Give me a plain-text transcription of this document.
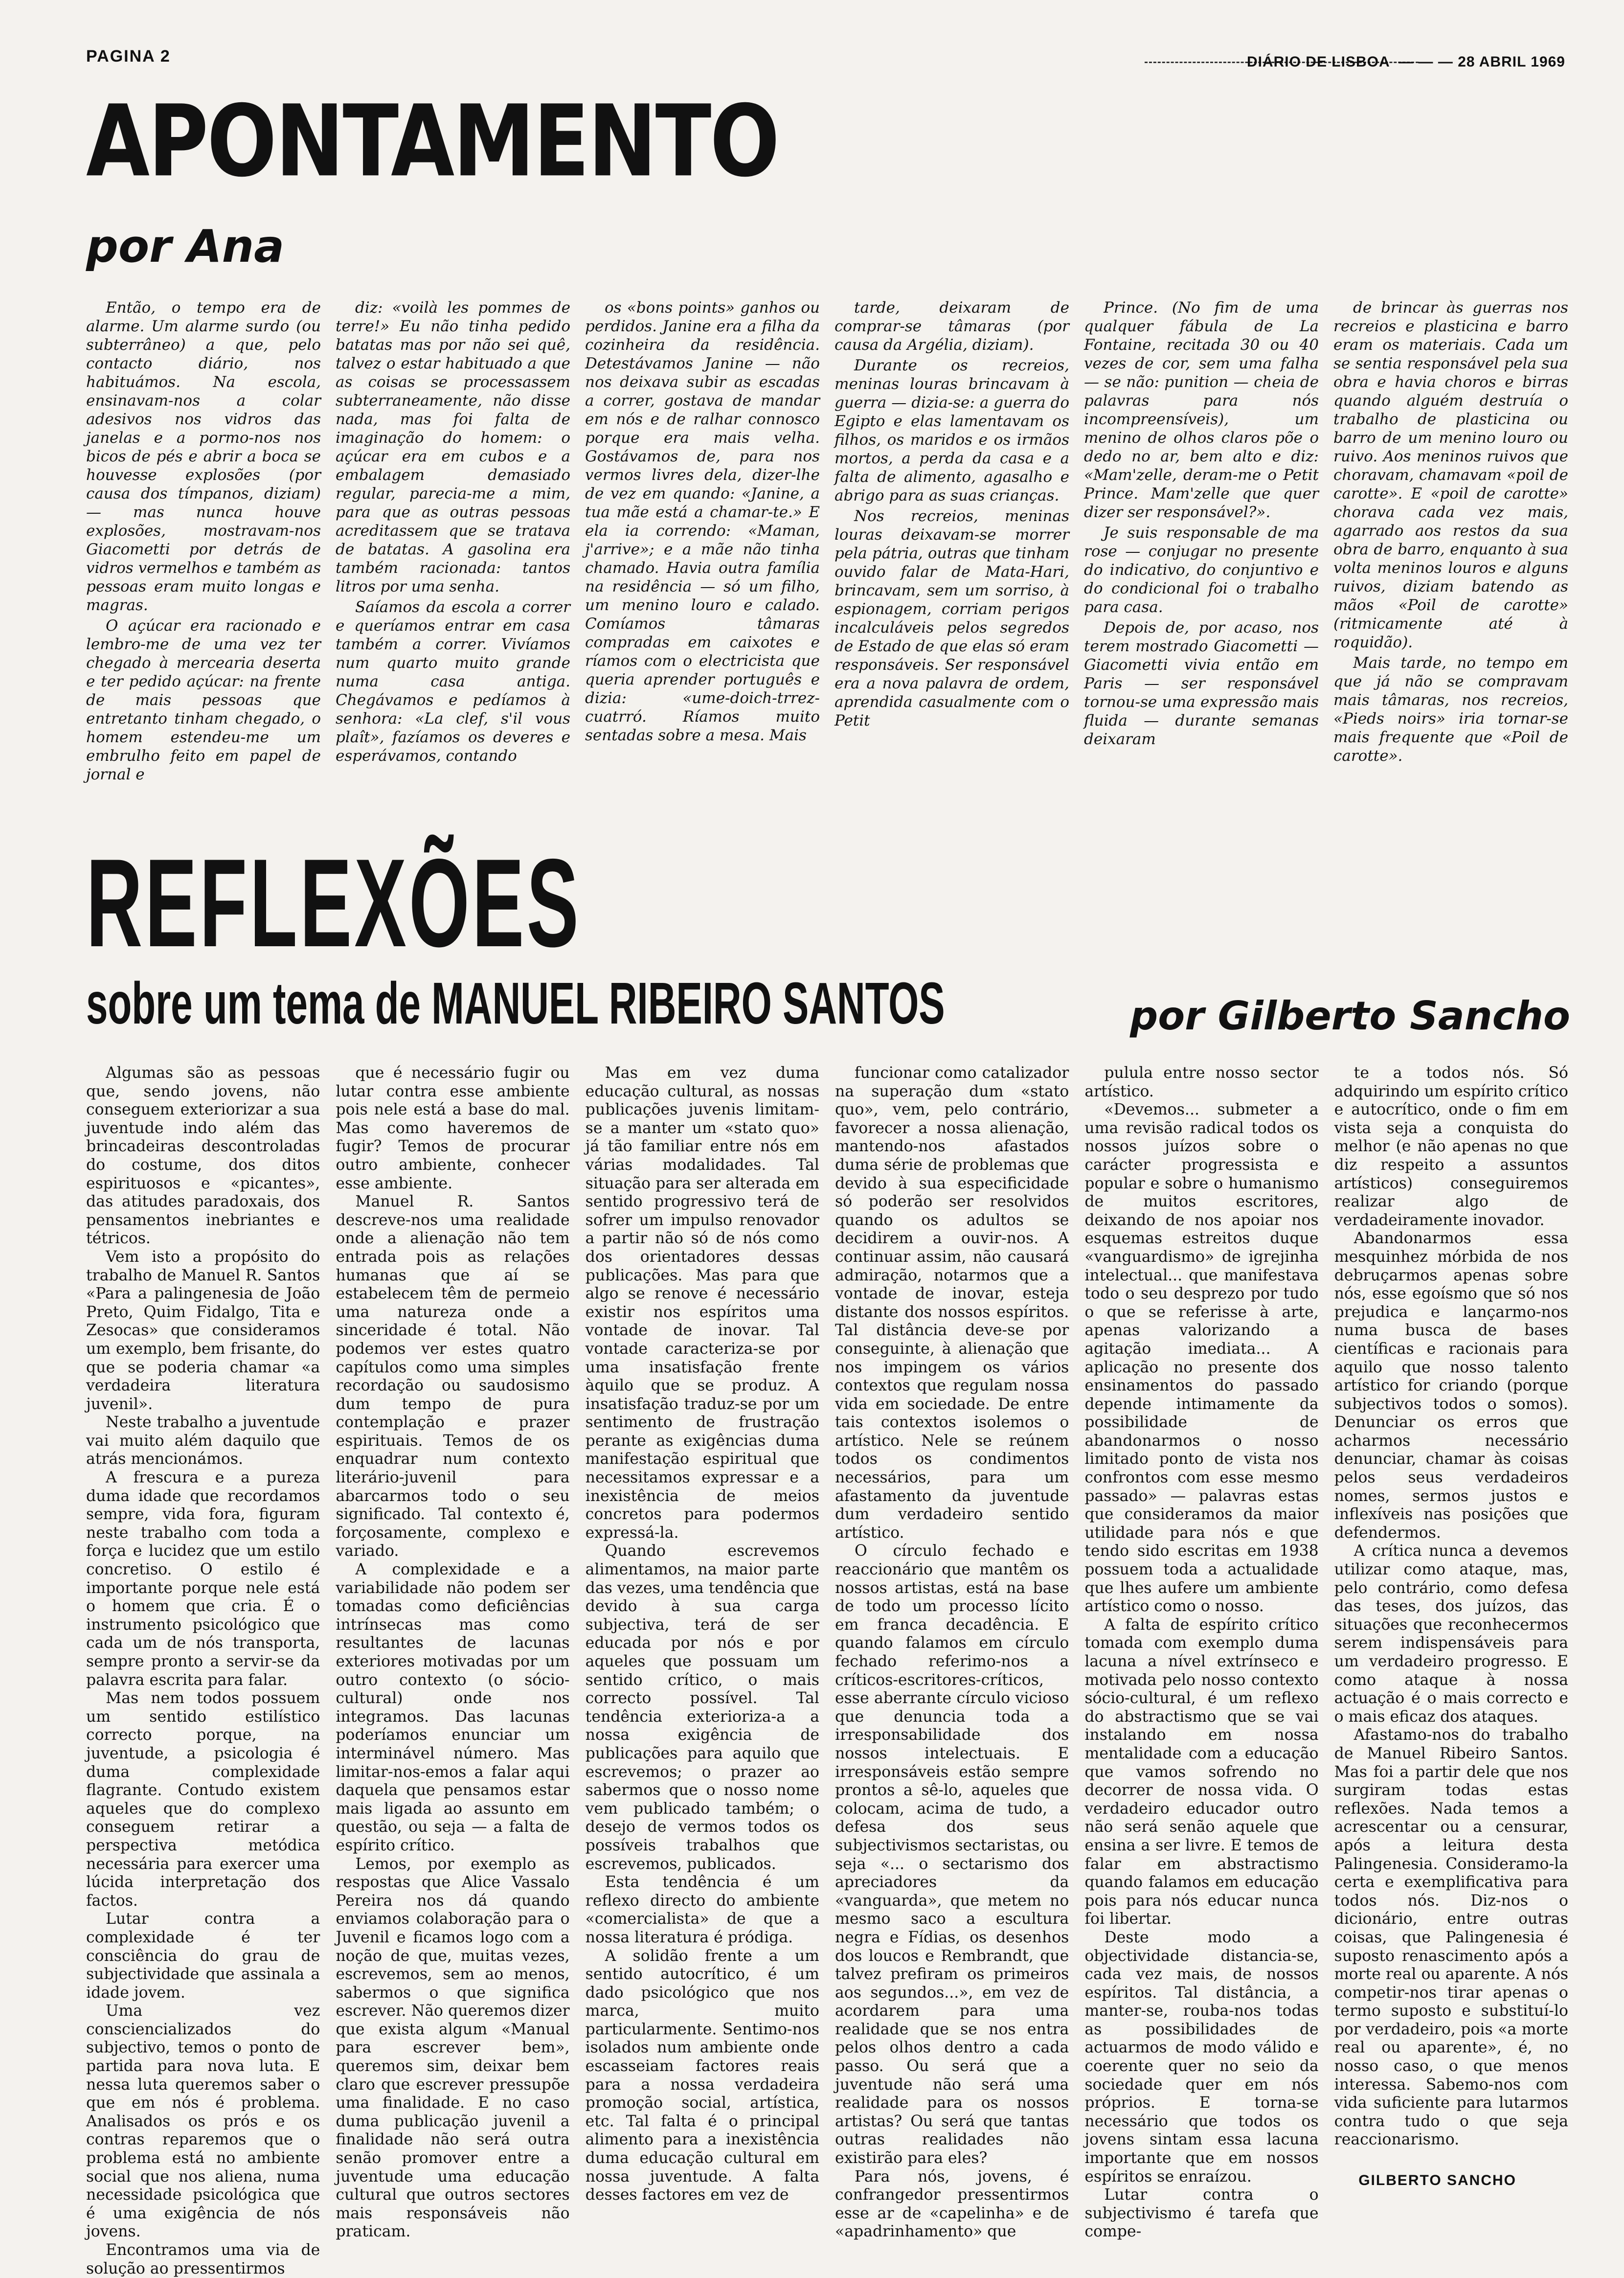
PAGINA 2	DIÁRIO DE LISBOA  — — — 28 ABRIL 1969
APONTAMENTO
por Ana

Então, o tempo era de alarme. Um alarme surdo (ou subterrâneo) a que, pelo contacto diário, nos habituámos. Na escola, ensinavam-nos a colar adesivos nos vidros das janelas e a pormo-nos nos bicos de pés e abrir a boca se houvesse explosões (por causa dos tímpanos, diziam) — mas nunca houve explosões, mostravam-nos Giacometti por detrás de vidros vermelhos e também as pessoas eram muito longas e magras.

O açúcar era racionado e lembro-me de uma vez ter chegado à mercearia deserta e ter pedido açúcar: na frente de mais pessoas que entretanto tinham chegado, o homem estendeu-me um embrulho feito em papel de jornal e

diz: «voilà les pommes de terre!» Eu não tinha pedido batatas mas por não sei quê, talvez o estar habituado a que as coisas se processassem subterraneamente, não disse nada, mas foi falta de imaginação do homem: o açúcar era em cubos e a embalagem demasiado regular, parecia-me a mim, para que as outras pessoas acreditassem que se tratava de batatas. A gasolina era também racionada: tantos litros por uma senha.

Saíamos da escola a correr e queríamos entrar em casa também a correr. Vivíamos num quarto muito grande numa casa antiga. Chegávamos e pedíamos à senhora: «La clef, s'il vous plaît», fazíamos os deveres e esperávamos, contando

os «bons points» ganhos ou perdidos. Janine era a filha da cozinheira da residência. Detestávamos Janine — não nos deixava subir as escadas a correr, gostava de mandar em nós e de ralhar connosco porque era mais velha. Gostávamos de, para nos vermos livres dela, dizer-lhe de vez em quando: «Janine, a tua mãe está a chamar-te.» E ela ia correndo: «Maman, j'arrive»; e a mãe não tinha chamado. Havia outra família na residência — só um filho, um menino louro e calado. Comíamos tâmaras compradas em caixotes e ríamos com o electricista que queria aprender português e dizia: «ume-doich-trrez-cuatrró. Ríamos muito sentadas sobre a mesa. Mais

tarde, deixaram de comprar-se tâmaras (por causa da Argélia, diziam).

Durante os recreios, meninas louras brincavam à guerra — dizia-se: a guerra do Egipto e elas lamentavam os filhos, os maridos e os irmãos mortos, a perda da casa e a falta de alimento, agasalho e abrigo para as suas crianças.

Nos recreios, meninas louras deixavam-se morrer pela pátria, outras que tinham ouvido falar de Mata-Hari, brincavam, sem um sorriso, à espionagem, corriam perigos incalculáveis pelos segredos de Estado de que elas só eram responsáveis. Ser responsável era a nova palavra de ordem, aprendida casualmente com o Petit

Prince. (No fim de uma qualquer fábula de La Fontaine, recitada 30 ou 40 vezes de cor, sem uma falha — se não: punition — cheia de palavras para nós incompreensíveis), um menino de olhos claros põe o dedo no ar, bem alto e diz: «Mam'zelle, deram-me o Petit Prince. Mam'zelle que quer dizer ser responsável?».

Je suis responsable de ma rose — conjugar no presente do indicativo, do conjuntivo e do condicional foi o trabalho para casa.

Depois de, por acaso, nos terem mostrado Giacometti — Giacometti vivia então em Paris — ser responsável tornou-se uma expressão mais fluida — durante semanas deixaram

de brincar às guerras nos recreios e plasticina e barro eram os materiais. Cada um se sentia responsável pela sua obra e havia choros e birras quando alguém destruía o trabalho de plasticina ou barro de um menino louro ou ruivo. Aos meninos ruivos que choravam, chamavam «poil de carotte». E «poil de carotte» chorava cada vez mais, agarrado aos restos da sua obra de barro, enquanto à sua volta meninos louros e alguns ruivos, diziam batendo as mãos «Poil de carotte» (ritmicamente até à roquidão).

Mais tarde, no tempo em que já não se compravam mais tâmaras, nos recreios, «Pieds noirs» iria tornar-se mais frequente que «Poil de carotte».

REFLEXÕES
sobre um tema de MANUEL RIBEIRO SANTOS	por Gilberto Sancho

Algumas são as pessoas que, sendo jovens, não conseguem exteriorizar a sua juventude indo além das brincadeiras descontroladas do costume, dos ditos espirituosos e «picantes», das atitudes paradoxais, dos pensamentos inebriantes e tétricos.

Vem isto a propósito do trabalho de Manuel R. Santos «Para a palingenesia de João Preto, Quim Fidalgo, Tita e Zesocas» que consideramos um exemplo, bem frisante, do que se poderia chamar «a verdadeira literatura juvenil».

Neste trabalho a juventude vai muito além daquilo que atrás mencionámos.

A frescura e a pureza duma idade que recordamos sempre, vida fora, figuram neste trabalho com toda a força e lucidez que um estilo concretiso. O estilo é importante porque nele está o homem que cria. É o instrumento psicológico que cada um de nós transporta, sempre pronto a servir-se da palavra escrita para falar.

Mas nem todos possuem um sentido estilístico correcto porque, na juventude, a psicologia é duma complexidade flagrante. Contudo existem aqueles que do complexo conseguem retirar a perspectiva metódica necessária para exercer uma lúcida interpretação dos factos.

Lutar contra a complexidade é ter consciência do grau de subjectividade que assinala a idade jovem.

Uma vez consciencializados do subjectivo, temos o ponto de partida para nova luta. E nessa luta queremos saber o que em nós é problema. Analisados os prós e os contras reparemos que o problema está no ambiente social que nos aliena, numa necessidade psicológica que é uma exigência de nós jovens.

Encontramos uma via de solução ao pressentirmos

que é necessário fugir ou lutar contra esse ambiente pois nele está a base do mal. Mas como haveremos de fugir? Temos de procurar outro ambiente, conhecer esse ambiente.

Manuel R. Santos descreve-nos uma realidade onde a alienação não tem entrada pois as relações humanas que aí se estabelecem têm de permeio uma natureza onde a sinceridade é total. Não podemos ver estes quatro capítulos como uma simples recordação ou saudosismo dum tempo de pura contemplação e prazer espirituais. Temos de os enquadrar num contexto literário-juvenil para abarcarmos todo o seu significado. Tal contexto é, forçosamente, complexo e variado.

A complexidade e a variabilidade não podem ser tomadas como deficiências intrínsecas mas como resultantes de lacunas exteriores motivadas por um outro contexto (o sócio-cultural) onde nos integramos. Das lacunas poderíamos enunciar um interminável número. Mas limitar-nos-emos a falar aqui daquela que pensamos estar mais ligada ao assunto em questão, ou seja — a falta de espírito crítico.

Lemos, por exemplo as respostas que Alice Vassalo Pereira nos dá quando enviamos colaboração para o Juvenil e ficamos logo com a noção de que, muitas vezes, escrevemos, sem ao menos, sabermos o que significa escrever. Não queremos dizer que exista algum «Manual para escrever bem», queremos sim, deixar bem claro que escrever pressupõe uma finalidade. E no caso duma publicação juvenil a finalidade não será outra senão promover entre a juventude uma educação cultural que outros sectores mais responsáveis não praticam.

Mas em vez duma educação cultural, as nossas publicações juvenis limitam-se a manter um «stato quo» já tão familiar entre nós em várias modalidades. Tal situação para ser alterada em sentido progressivo terá de sofrer um impulso renovador a partir não só de nós como dos orientadores dessas publicações. Mas para que algo se renove é necessário existir nos espíritos uma vontade de inovar. Tal vontade caracteriza-se por uma insatisfação frente àquilo que se produz. A insatisfação traduz-se por um sentimento de frustração perante as exigências duma manifestação espiritual que necessitamos expressar e a inexistência de meios concretos para podermos expressá-la.

Quando escrevemos alimentamos, na maior parte das vezes, uma tendência que devido à sua carga subjectiva, terá de ser educada por nós e por aqueles que possuam um sentido crítico, o mais correcto possível. Tal tendência exterioriza-a a nossa exigência de publicações para aquilo que escrevemos; o prazer ao sabermos que o nosso nome vem publicado também; o desejo de vermos todos os possíveis trabalhos que escrevemos, publicados.

Esta tendência é um reflexo directo do ambiente «comercialista» de que a nossa literatura é pródiga.

A solidão frente a um sentido autocrítico, é um dado psicológico que nos marca, muito particularmente. Sentimo-nos isolados num ambiente onde escasseiam factores reais para a nossa verdadeira promoção social, artística, etc. Tal falta é o principal alimento para a inexistência duma educação cultural em nossa juventude. A falta desses factores em vez de

funcionar como catalizador na superação dum «stato quo», vem, pelo contrário, favorecer a nossa alienação, mantendo-nos afastados duma série de problemas que devido à sua especificidade só poderão ser resolvidos quando os adultos se decidirem a ouvir-nos. A continuar assim, não causará admiração, notarmos que a vontade de inovar, esteja distante dos nossos espíritos. Tal distância deve-se por conseguinte, à alienação que nos impingem os vários contextos que regulam nossa vida em sociedade. De entre tais contextos isolemos o artístico. Nele se reúnem todos os condimentos necessários, para um afastamento da juventude dum verdadeiro sentido artístico.

O círculo fechado e reaccionário que mantêm os nossos artistas, está na base de todo um processo lícito em franca decadência. E quando falamos em círculo fechado referimo-nos a críticos-escritores-críticos, esse aberrante círculo vicioso que denuncia toda a irresponsabilidade dos nossos intelectuais. E irresponsáveis estão sempre prontos a sê-lo, aqueles que colocam, acima de tudo, a defesa dos seus subjectivismos sectaristas, ou seja «... o sectarismo dos apreciadores da «vanguarda», que metem no mesmo saco a escultura negra e Fídias, os desenhos dos loucos e Rembrandt, que talvez prefiram os primeiros aos segundos...», em vez de acordarem para uma realidade que se nos entra pelos olhos dentro a cada passo. Ou será que a juventude não será uma realidade para os nossos artistas? Ou será que tantas outras realidades não existirão para eles?

Para nós, jovens, é confrangedor pressentirmos esse ar de «capelinha» e de «apadrinhamento» que

pulula entre nosso sector artístico.

«Devemos... submeter a uma revisão radical todos os nossos juízos sobre o carácter progressista e popular e sobre o humanismo de muitos escritores, deixando de nos apoiar nos esquemas estreitos duque «vanguardismo» de igrejinha intelectual... que manifestava todo o seu desprezo por tudo o que se referisse à arte, apenas valorizando a agitação imediata... A aplicação no presente dos ensinamentos do passado depende intimamente da possibilidade de abandonarmos o nosso limitado ponto de vista nos confrontos com esse mesmo passado» — palavras estas que consideramos da maior utilidade para nós e que tendo sido escritas em 1938 possuem toda a actualidade que lhes aufere um ambiente artístico como o nosso.

A falta de espírito crítico tomada com exemplo duma lacuna a nível extrínseco e motivada pelo nosso contexto sócio-cultural, é um reflexo do abstractismo que se vai instalando em nossa mentalidade com a educação que vamos sofrendo no decorrer de nossa vida. O verdadeiro educador outro não será senão aquele que ensina a ser livre. E temos de falar em abstractismo quando falamos em educação pois para nós educar nunca foi libertar.

Deste modo a objectividade distancia-se, cada vez mais, de nossos espíritos. Tal distância, a manter-se, rouba-nos todas as possibilidades de actuarmos de modo válido e coerente quer no seio da sociedade quer em nós próprios. E torna-se necessário que todos os jovens sintam essa lacuna importante que em nossos espíritos se enraízou.

Lutar contra o subjectivismo é tarefa que compe-

te a todos nós. Só adquirindo um espírito crítico e autocrítico, onde o fim em vista seja a conquista do melhor (e não apenas no que diz respeito a assuntos artísticos) conseguiremos realizar algo de verdadeiramente inovador.

Abandonarmos essa mesquinhez mórbida de nos debruçarmos apenas sobre nós, esse egoísmo que só nos prejudica e lançarmo-nos numa busca de bases científicas e racionais para aquilo que nosso talento artístico for criando (porque subjectivos todos o somos). Denunciar os erros que acharmos necessário denunciar, chamar às coisas pelos seus verdadeiros nomes, sermos justos e inflexíveis nas posições que defendermos.

A crítica nunca a devemos utilizar como ataque, mas, pelo contrário, como defesa das teses, dos juízos, das situações que reconhecermos serem indispensáveis para um verdadeiro progresso. E como ataque à nossa actuação é o mais correcto e o mais eficaz dos ataques.

Afastamo-nos do trabalho de Manuel Ribeiro Santos. Mas foi a partir dele que nos surgiram todas estas reflexões. Nada temos a acrescentar ou a censurar, após a leitura desta Palingenesia. Consideramo-la certa e exemplificativa para todos nós. Diz-nos o dicionário, entre outras coisas, que Palingenesia é suposto renascimento após a morte real ou aparente. A nós competir-nos tirar apenas o termo suposto e substituí-lo por verdadeiro, pois «a morte real ou aparente», é, no nosso caso, o que menos interessa. Sabemo-nos com vida suficiente para lutarmos contra tudo o que seja reaccionarismo.

GILBERTO SANCHO
